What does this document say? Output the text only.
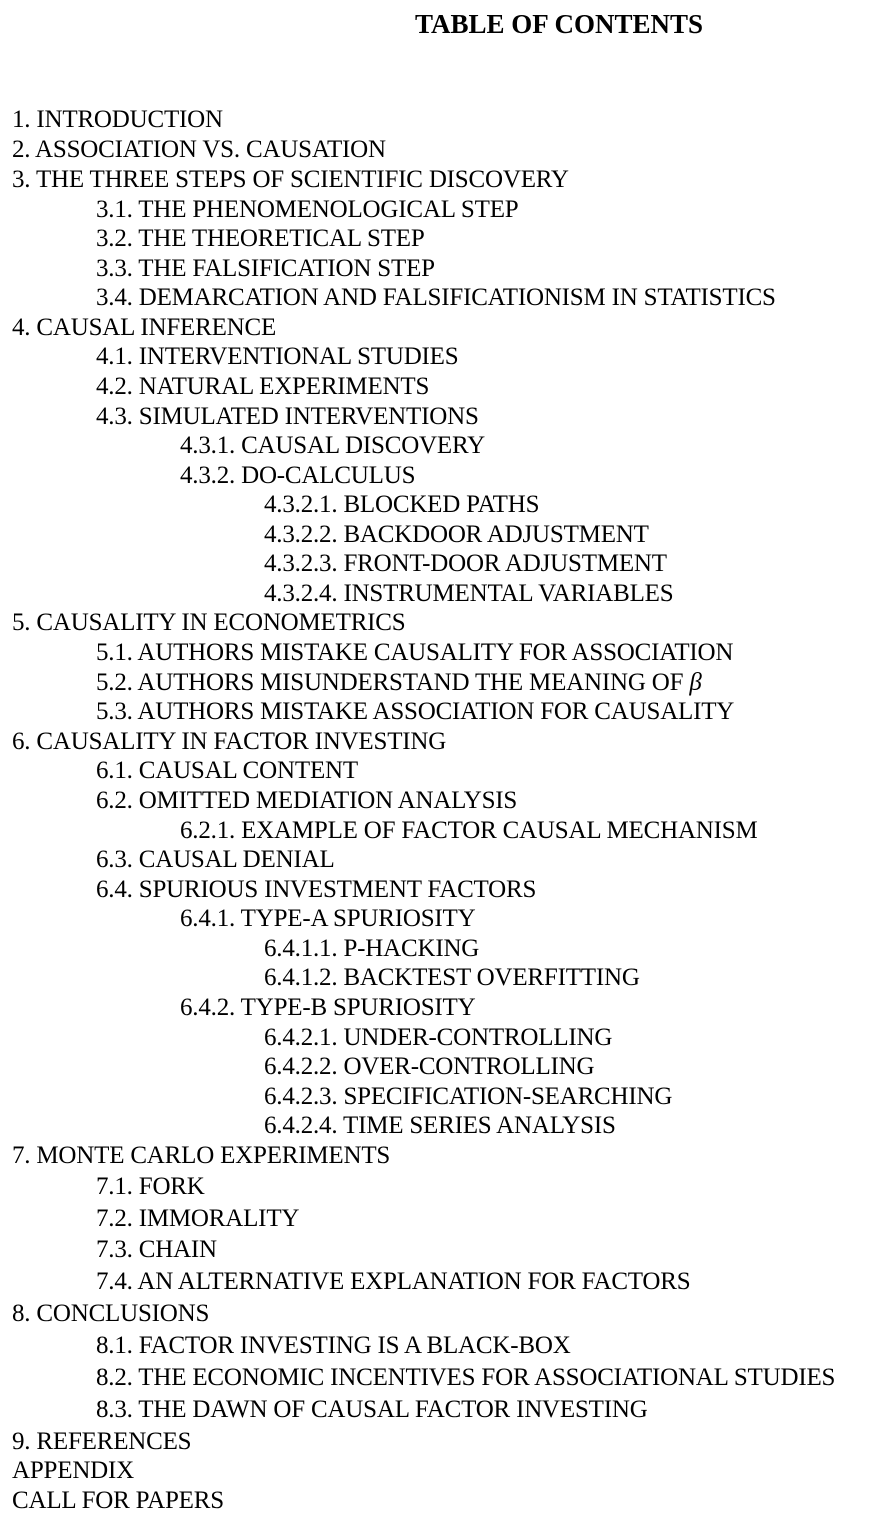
TABLE OF CONTENTS
1. INTRODUCTION
2. ASSOCIATION VS. CAUSATION
3. THE THREE STEPS OF SCIENTIFIC DISCOVERY
3.1. THE PHENOMENOLOGICAL STEP
3.2. THE THEORETICAL STEP
3.3. THE FALSIFICATION STEP
3.4. DEMARCATION AND FALSIFICATIONISM IN STATISTICS
4. CAUSAL INFERENCE
4.1. INTERVENTIONAL STUDIES
4.2. NATURAL EXPERIMENTS
4.3. SIMULATED INTERVENTIONS
4.3.1. CAUSAL DISCOVERY
4.3.2. DO-CALCULUS
4.3.2.1. BLOCKED PATHS
4.3.2.2. BACKDOOR ADJUSTMENT
4.3.2.3. FRONT-DOOR ADJUSTMENT
4.3.2.4. INSTRUMENTAL VARIABLES
5. CAUSALITY IN ECONOMETRICS
5.1. AUTHORS MISTAKE CAUSALITY FOR ASSOCIATION
5.2. AUTHORS MISUNDERSTAND THE MEANING OF β
5.3. AUTHORS MISTAKE ASSOCIATION FOR CAUSALITY
6. CAUSALITY IN FACTOR INVESTING
6.1. CAUSAL CONTENT
6.2. OMITTED MEDIATION ANALYSIS
6.2.1. EXAMPLE OF FACTOR CAUSAL MECHANISM
6.3. CAUSAL DENIAL
6.4. SPURIOUS INVESTMENT FACTORS
6.4.1. TYPE-A SPURIOSITY
6.4.1.1. P-HACKING
6.4.1.2. BACKTEST OVERFITTING
6.4.2. TYPE-B SPURIOSITY
6.4.2.1. UNDER-CONTROLLING
6.4.2.2. OVER-CONTROLLING
6.4.2.3. SPECIFICATION-SEARCHING
6.4.2.4. TIME SERIES ANALYSIS
7. MONTE CARLO EXPERIMENTS
7.1. FORK
7.2. IMMORALITY
7.3. CHAIN
7.4. AN ALTERNATIVE EXPLANATION FOR FACTORS
8. CONCLUSIONS
8.1. FACTOR INVESTING IS A BLACK-BOX
8.2. THE ECONOMIC INCENTIVES FOR ASSOCIATIONAL STUDIES
8.3. THE DAWN OF CAUSAL FACTOR INVESTING
9. REFERENCES
APPENDIX
CALL FOR PAPERS
